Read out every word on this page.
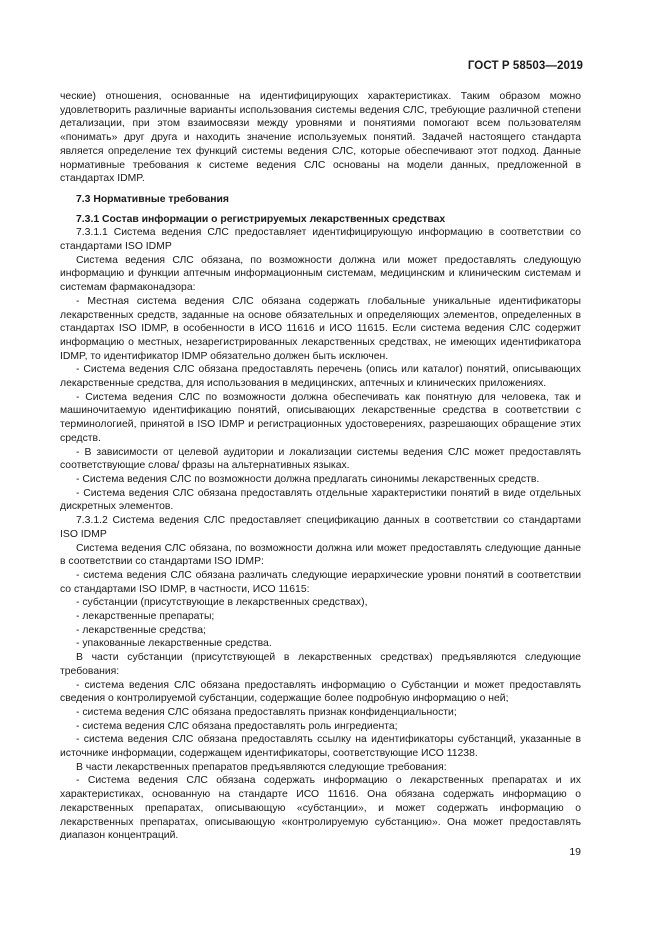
ГОСТ Р 58503—2019

ческие) отношения, основанные на идентифицирующих характеристиках. Таким образом можно удовлетворить различные варианты использования системы ведения СЛС, требующие различной степени детализации, при этом взаимосвязи между уровнями и понятиями помогают всем пользователям «понимать» друг друга и находить значение используемых понятий. Задачей настоящего стандарта является определение тех функций системы ведения СЛС, которые обеспечивают этот подход. Данные нормативные требования к системе ведения СЛС основаны на модели данных, предложенной в стандартах IDMP.

7.3 Нормативные требования

7.3.1 Состав информации о регистрируемых лекарственных средствах

7.3.1.1 Система ведения СЛС предоставляет идентифицирующую информацию в соответствии со стандартами ISO IDMP

Система ведения СЛС обязана, по возможности должна или может предоставлять следующую информацию и функции аптечным информационным системам, медицинским и клиническим системам и системам фармаконадзора:

- Местная система ведения СЛС обязана содержать глобальные уникальные идентификаторы лекарственных средств, заданные на основе обязательных и определяющих элементов, определенных в стандартах ISO IDMP, в особенности в ИСО 11616 и ИСО 11615. Если система ведения СЛС содержит информацию о местных, незарегистрированных лекарственных средствах, не имеющих идентификатора IDMP, то идентификатор IDMP обязательно должен быть исключен.

- Система ведения СЛС обязана предоставлять перечень (опись или каталог) понятий, описывающих лекарственные средства, для использования в медицинских, аптечных и клинических приложениях.

- Система ведения СЛС по возможности должна обеспечивать как понятную для человека, так и машиночитаемую идентификацию понятий, описывающих лекарственные средства в соответствии с терминологией, принятой в ISO IDMP и регистрационных удостоверениях, разрешающих обращение этих средств.

- В зависимости от целевой аудитории и локализации системы ведения СЛС может предоставлять соответствующие слова/ фразы на альтернативных языках.

- Система ведения СЛС по возможности должна предлагать синонимы лекарственных средств.

- Система ведения СЛС обязана предоставлять отдельные характеристики понятий в виде отдельных дискретных элементов.

7.3.1.2 Система ведения СЛС предоставляет спецификацию данных в соответствии со стандартами ISO IDMP

Система ведения СЛС обязана, по возможности должна или может предоставлять следующие данные в соответствии со стандартами ISO IDMP:

- система ведения СЛС обязана различать следующие иерархические уровни понятий в соответствии со стандартами ISO IDMP, в частности, ИСО 11615:

- субстанции (присутствующие в лекарственных средствах),

- лекарственные препараты;

- лекарственные средства;

- упакованные лекарственные средства.

В части субстанции (присутствующей в лекарственных средствах) предъявляются следующие требования:

- система ведения СЛС обязана предоставлять информацию о Субстанции и может предоставлять сведения о контролируемой субстанции, содержащие более подробную информацию о ней;

- система ведения СЛС обязана предоставлять признак конфиденциальности;

- система ведения СЛС обязана предоставлять роль ингредиента;

- система ведения СЛС обязана предоставлять ссылку на идентификаторы субстанций, указанные в источнике информации, содержащем идентификаторы, соответствующие ИСО 11238.

В части лекарственных препаратов предъявляются следующие требования:

- Система ведения СЛС обязана содержать информацию о лекарственных препаратах и их характеристиках, основанную на стандарте ИСО 11616. Она обязана содержать информацию о лекарственных препаратах, описывающую «субстанции», и может содержать информацию о лекарственных препаратах, описывающую «контролируемую субстанцию». Она может предоставлять диапазон концентраций.

19
